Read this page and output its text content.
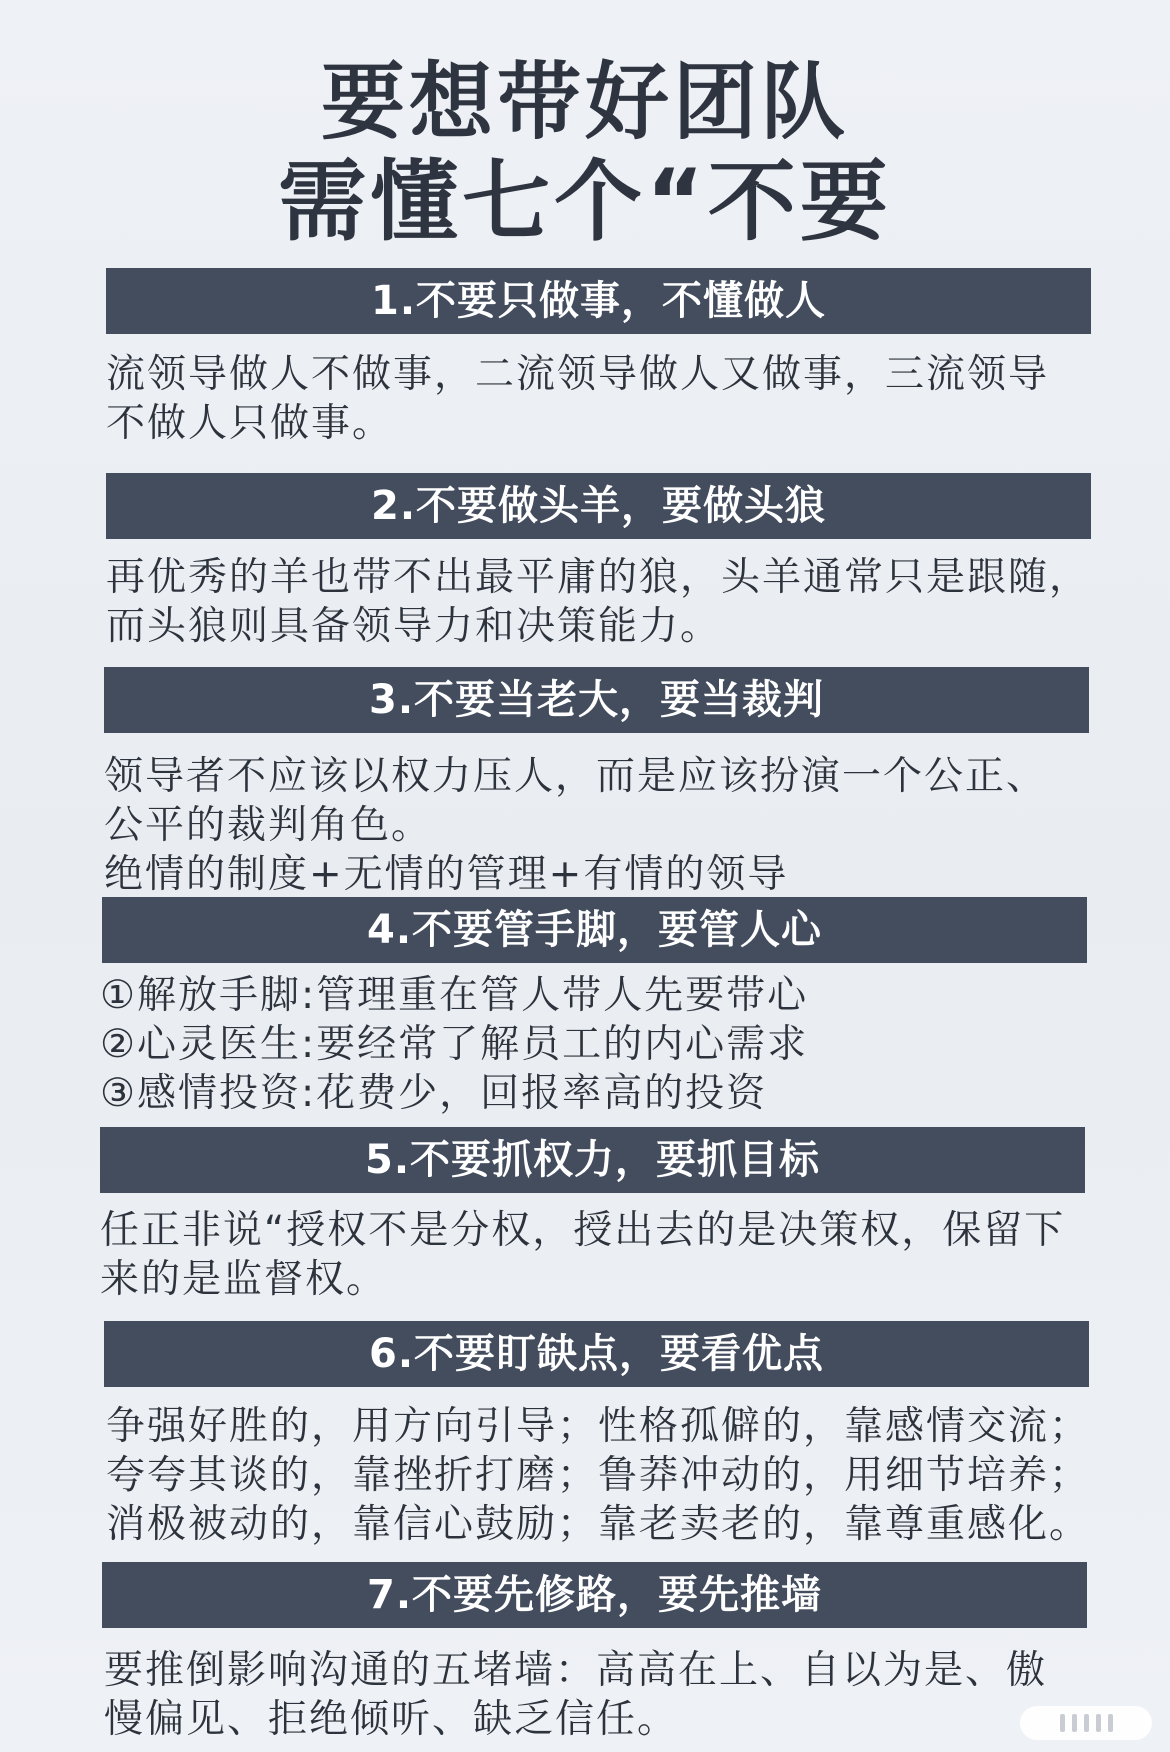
要想带好团队
需懂七个“不要
1.不要只做事，不懂做人
流领导做人不做事，二流领导做人又做事，三流领导
不做人只做事。
2.不要做头羊，要做头狼
再优秀的羊也带不出最平庸的狼，头羊通常只是跟随，
而头狼则具备领导力和决策能力。
3.不要当老大，要当裁判
领导者不应该以权力压人，而是应该扮演一个公正、
公平的裁判角色。
绝情的制度+无情的管理+有情的领导
4.不要管手脚，要管人心
①解放手脚:管理重在管人带人先要带心
②心灵医生:要经常了解员工的内心需求
③感情投资:花费少，回报率高的投资
5.不要抓权力，要抓目标
任正非说“授权不是分权，授出去的是决策权，保留下
来的是监督权。
6.不要盯缺点，要看优点
争强好胜的，用方向引导；性格孤僻的，靠感情交流；
夸夸其谈的，靠挫折打磨；鲁莽冲动的，用细节培养；
消极被动的，靠信心鼓励；靠老卖老的，靠尊重感化。
7.不要先修路，要先推墙
要推倒影响沟通的五堵墙：高高在上、自以为是、傲
慢偏见、拒绝倾听、缺乏信任。
